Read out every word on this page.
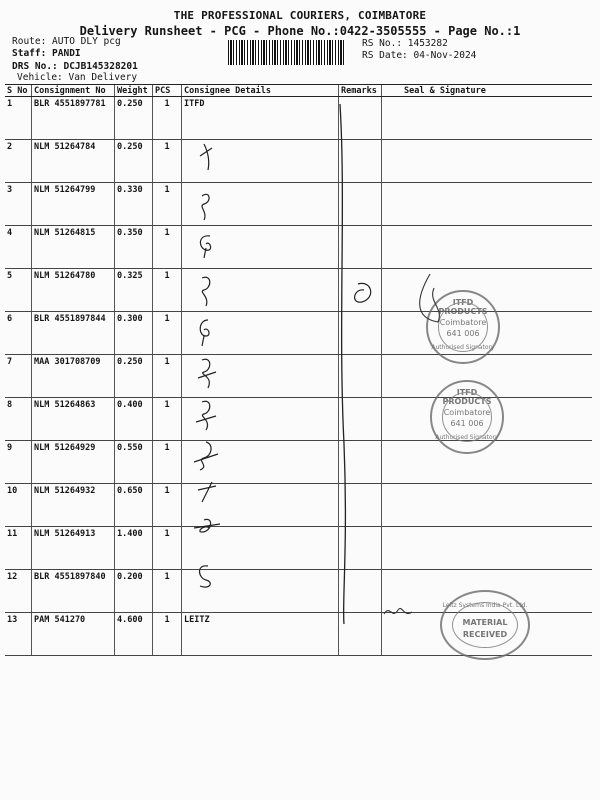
THE PROFESSIONAL COURIERS, COIMBATORE
Delivery Runsheet - PCG - Phone No.:0422-3505555 - Page No.:1
Route: AUTO DLY pcg
Staff: PANDI
DRS No.: DCJB145328201
Vehicle: Van Delivery
RS No.: 1453282
RS Date: 04-Nov-2024
S No	Consignment No	Weight	PCS	Consignee Details	Remarks	Seal & Signature
1	BLR 4551897781	0.250	1	ITFD		
2	NLM 51264784	0.250	1			
3	NLM 51264799	0.330	1			
4	NLM 51264815	0.350	1			
5	NLM 51264780	0.325	1			
6	BLR 4551897844	0.300	1			
7	MAA 301708709	0.250	1			
8	NLM 51264863	0.400	1			
9	NLM 51264929	0.550	1			
10	NLM 51264932	0.650	1			
11	NLM 51264913	1.400	1			
12	BLR 4551897840	0.200	1			
13	PAM 541270	4.600	1	LEITZ		
ITFD PRODUCTS
Coimbatore
641 006
Authorised Signatory
ITFD PRODUCTS
Coimbatore
641 006
Authorised Signatory
Leitz Systems India Pvt. Ltd.
MATERIAL
RECEIVED
